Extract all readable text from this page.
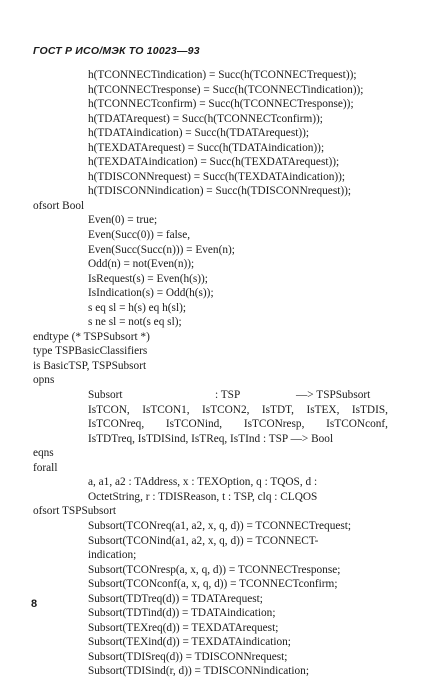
ГОСТ Р ИСО/МЭК ТО 10023—93
h(TCONNECTindication) = Succ(h(TCONNECTrequest));
h(TCONNECTresponse) = Succ(h(TCONNECTindication));
h(TCONNECTconfirm) = Succ(h(TCONNECTresponse));
h(TDATArequest) = Succ(h(TCONNECTconfirm));
h(TDATAindication) = Succ(h(TDATArequest));
h(TEXDATArequest) = Succ(h(TDATAindication));
h(TEXDATAindication) = Succ(h(TEXDATArequest));
h(TDISCONNrequest) = Succ(h(TEXDATAindication));
h(TDISCONNindication) = Succ(h(TDISCONNrequest));
ofsort Bool
Even(0) = true;
Even(Succ(0)) = false,
Even(Succ(Succ(n))) = Even(n);
Odd(n) = not(Even(n));
IsRequest(s) = Even(h(s));
IsIndication(s) = Odd(h(s));
s eq sl = h(s) eq h(sl);
s ne sl = not(s eq sl);
endtype (* TSPSubsort *)
type TSPBasicClassifiers
is BasicTSP, TSPSubsort
opns
Subsort	: TSP	—> TSPSubsort
IsTCON, IsTCON1, IsTCON2, IsTDT, IsTEX, IsTDIS,
IsTCONreq, IsTCONind, IsTCONresp, IsTCONconf,
IsTDTreq, IsTDISind, IsTReq, IsTInd : TSP —> Bool
eqns
forall
a, a1, a2 : TAddress, x : TEXOption, q : TQOS, d :
OctetString, r : TDISReason, t : TSP, clq : CLQOS
ofsort TSPSubsort
Subsort(TCONreq(a1, a2, x, q, d)) = TCONNECTrequest;
Subsort(TCONind(a1, a2, x, q, d)) = TCONNECT-
indication;
Subsort(TCONresp(a, x, q, d)) = TCONNECTresponse;
Subsort(TCONconf(a, x, q, d)) = TCONNECTconfirm;
Subsort(TDTreq(d)) = TDATArequest;
Subsort(TDTind(d)) = TDATAindication;
Subsort(TEXreq(d)) = TEXDATArequest;
Subsort(TEXind(d)) = TEXDATAindication;
Subsort(TDISreq(d)) = TDISCONNrequest;
Subsort(TDISind(r, d)) = TDISCONNindication;
8
